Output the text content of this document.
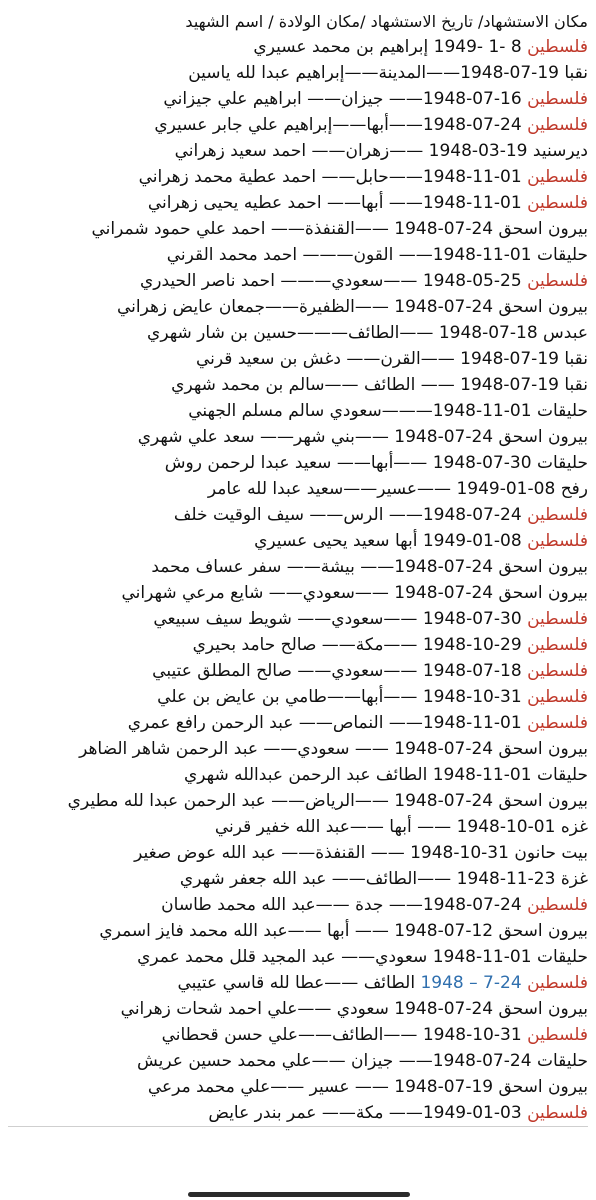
مكان الاستشهاد/ تاريخ الاستشهاد /مكان الولادة / اسم الشهيد
فلسطين 8 -1 -1949 إبراهيم بن محمد عسيري
نقبا 19-07-1948——المدينة——إبراهيم عبدا لله ياسين
فلسطين 16-07-1948—— جيزان—— ابراهيم علي جيزاني
فلسطين 24-07-1948——أبها——إبراهيم علي جابر عسيري
ديرسنيد 19-03-1948 ——زهران—— احمد سعيد زهراني
فلسطين 01-11-1948——حابل—— احمد عطية محمد زهراني
فلسطين 01-11-1948—— أبها—— احمد عطيه يحيى زهراني
بيرون اسحق 24-07-1948 ——القنفذة—— احمد علي حمود شمراني
حليقات 01-11-1948—— القون——— احمد محمد القرني
فلسطين 25-05-1948 ——سعودي——— احمد ناصر الحيدري
بيرون اسحق 24-07-1948 ——الظفيرة——جمعان عايض زهراني
عبدس 18-07-1948 ——الطائف———حسين بن شار شهري
نقبا 19-07-1948 ——القرن—— دغش بن سعيد قرني
نقبا 19-07-1948 —— الطائف ——سالم بن محمد شهري
حليقات 01-11-1948———سعودي سالم مسلم الجهني
بيرون اسحق 24-07-1948 ——بني شهر—— سعد علي شهري
حليقات 30-07-1948 ——أبها—— سعيد عبدا لرحمن روش
رفح 08-01-1949 ——عسير——سعيد عبدا لله عامر
فلسطين 24-07-1948—— الرس—— سيف الوقيت خلف
فلسطين 08-01-1949 أبها سعيد يحيى عسيري
بيرون اسحق 24-07-1948—— بيشة—— سفر عساف محمد
بيرون اسحق 24-07-1948 ——سعودي—— شايع مرعي شهراني
فلسطين 30-07-1948 ——سعودي—— شويط سيف سبيعي
فلسطين 29-10-1948 ——مكة—— صالح حامد بحيري
فلسطين 18-07-1948 ——سعودي—— صالح المطلق عتيبي
فلسطين 31-10-1948 ——أبها——طامي بن عايض بن علي
فلسطين 01-11-1948—— النماص—— عبد الرحمن رافع عمري
بيرون اسحق 24-07-1948 —— سعودي—— عبد الرحمن شاهر الضاهر
حليقات 01-11-1948 الطائف عبد الرحمن عبدالله شهري
بيرون اسحق 24-07-1948 ——الرياض—— عبد الرحمن عبدا لله مطيري
غزه 01-10-1948 —— أبها ——عبد الله خفير قرني
بيت حانون 31-10-1948 —— القنفذة—— عبد الله عوض صغير
غزة 23-11-1948 ——الطائف—— عبد الله جعفر شهري
فلسطين 24-07-1948—— جدة ——عبد الله محمد طاسان
بيرون اسحق 12-07-1948 —— أبها ——عبد الله محمد فايز اسمري
حليقات 01-11-1948 سعودي—— عبد المجيد قلل محمد عمري
فلسطين 24-7 – 1948 الطائف ——عطا لله قاسي عتيبي
بيرون اسحق 24-07-1948 سعودي ——علي احمد شحات زهراني
فلسطين 31-10-1948 ——الطائف——علي حسن قحطاني
حليقات 24-07-1948—— جيزان ——علي محمد حسين عريش
بيرون اسحق 19-07-1948 —— عسير ——علي محمد مرعي
فلسطين 03-01-1949—— مكة—— عمر بندر عايض
